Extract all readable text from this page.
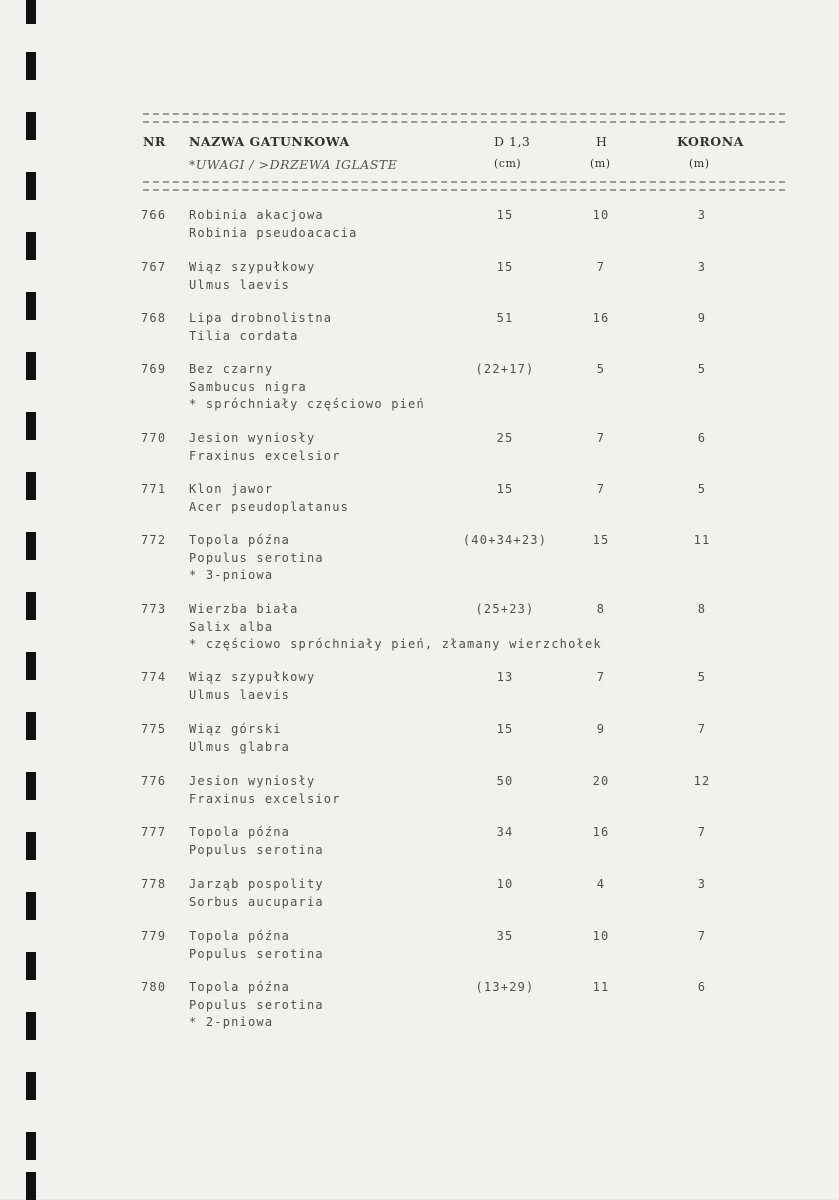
NR NAZWA GATUNKOWA	D 1,3	H	KORONA
*UWAGI / >DRZEWA IGLASTE	(cm)	(m)	(m)
766 Robinia akacjowa
Robinia pseudoacacia
15	10	3
767 Wiąz szypułkowy
Ulmus laevis
15	7	3
768 Lipa drobnolistna
Tilia cordata
51	16	9
769 Bez czarny
Sambucus nigra
* spróchniały częściowo pień
(22+17)	5	5
770 Jesion wyniosły
Fraxinus excelsior
25	7	6
771 Klon jawor
Acer pseudoplatanus
15	7	5
772 Topola późna
Populus serotina
* 3-pniowa
(40+34+23)	15	11
773 Wierzba biała
Salix alba
* częściowo spróchniały pień, złamany wierzchołek
(25+23)	8	8
774 Wiąz szypułkowy
Ulmus laevis
13	7	5
775 Wiąz górski
Ulmus glabra
15	9	7
776 Jesion wyniosły
Fraxinus excelsior
50	20	12
777 Topola późna
Populus serotina
34	16	7
778 Jarząb pospolity
Sorbus aucuparia
10	4	3
779 Topola późna
Populus serotina
35	10	7
780 Topola późna
Populus serotina
* 2-pniowa
(13+29)	11	6
